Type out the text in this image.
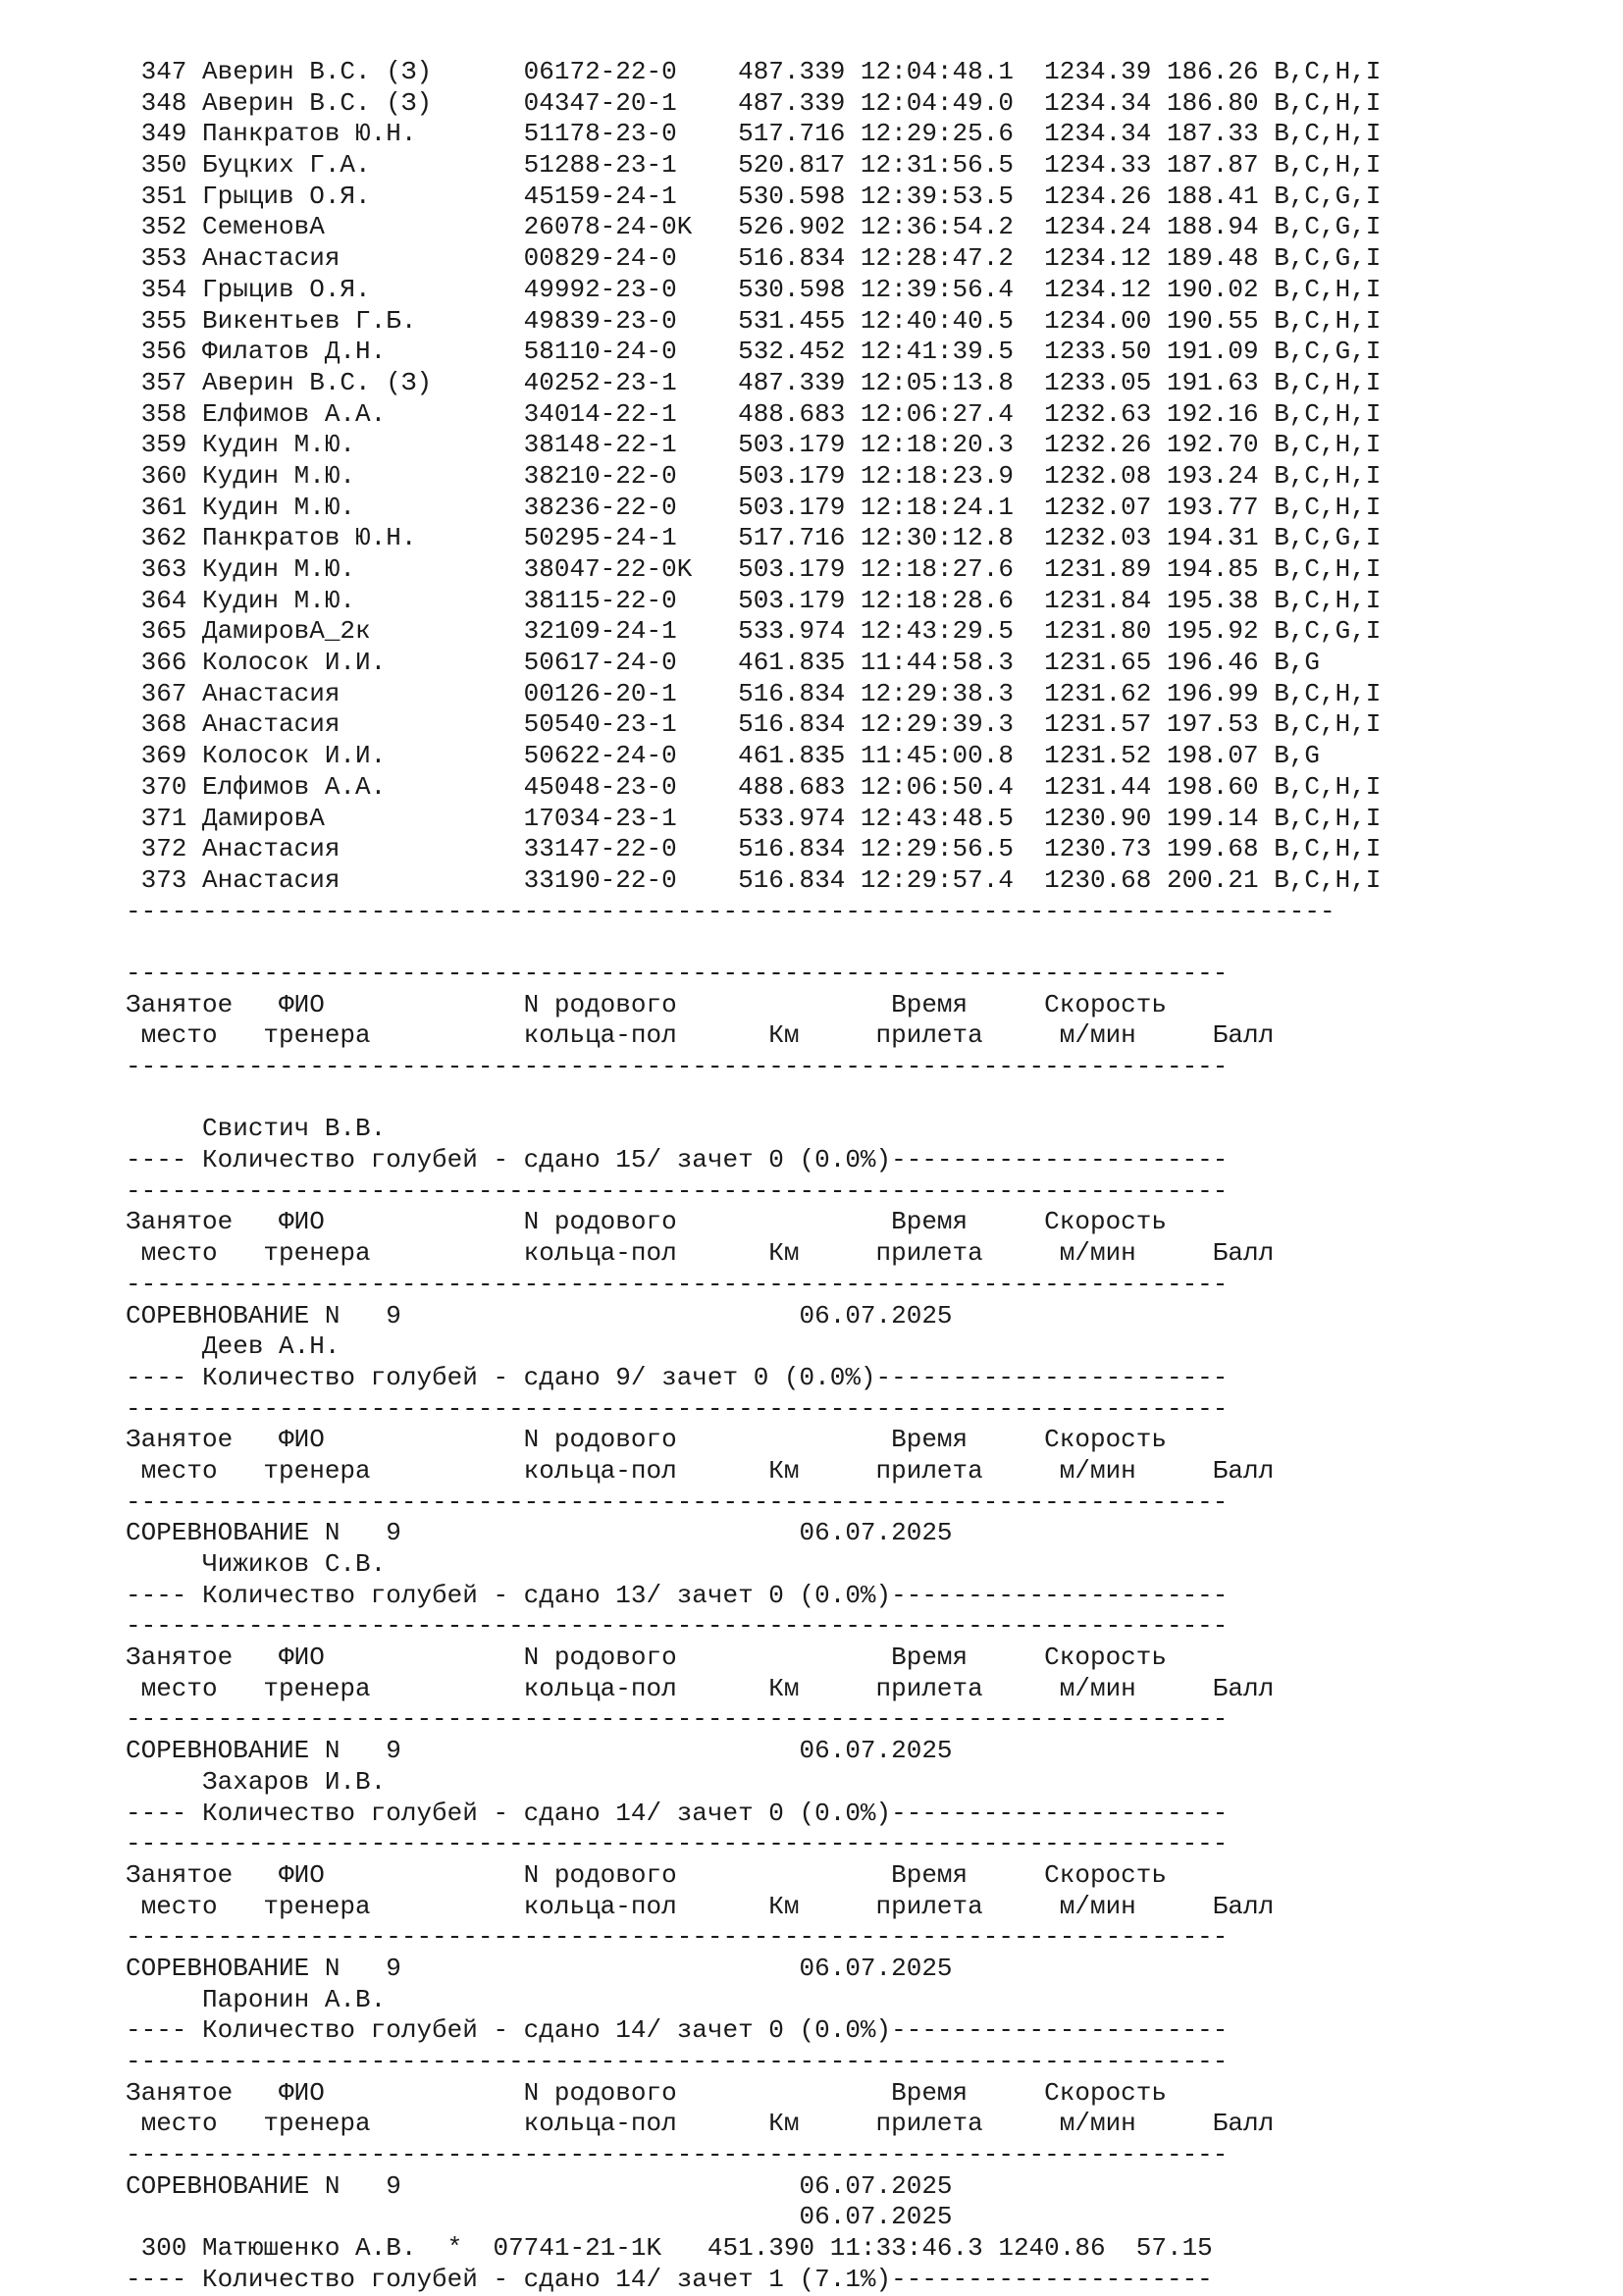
347 Аверин В.С. (З)      06172-22-0    487.339 12:04:48.1  1234.39 186.26 B,C,H,I
348 Аверин В.С. (З)      04347-20-1    487.339 12:04:49.0  1234.34 186.80 B,C,H,I
349 Панкратов Ю.Н.       51178-23-0    517.716 12:29:25.6  1234.34 187.33 B,C,H,I
350 Буцких Г.А.          51288-23-1    520.817 12:31:56.5  1234.33 187.87 B,C,H,I
351 Грыцив О.Я.          45159-24-1    530.598 12:39:53.5  1234.26 188.41 B,C,G,I
352 СеменовА             26078-24-0K   526.902 12:36:54.2  1234.24 188.94 B,C,G,I
353 Анастасия            00829-24-0    516.834 12:28:47.2  1234.12 189.48 B,C,G,I
354 Грыцив О.Я.          49992-23-0    530.598 12:39:56.4  1234.12 190.02 B,C,H,I
355 Викентьев Г.Б.       49839-23-0    531.455 12:40:40.5  1234.00 190.55 B,C,H,I
356 Филатов Д.Н.         58110-24-0    532.452 12:41:39.5  1233.50 191.09 B,C,G,I
357 Аверин В.С. (З)      40252-23-1    487.339 12:05:13.8  1233.05 191.63 B,C,H,I
358 Елфимов А.А.         34014-22-1    488.683 12:06:27.4  1232.63 192.16 B,C,H,I
359 Кудин М.Ю.           38148-22-1    503.179 12:18:20.3  1232.26 192.70 B,C,H,I
360 Кудин М.Ю.           38210-22-0    503.179 12:18:23.9  1232.08 193.24 B,C,H,I
361 Кудин М.Ю.           38236-22-0    503.179 12:18:24.1  1232.07 193.77 B,C,H,I
362 Панкратов Ю.Н.       50295-24-1    517.716 12:30:12.8  1232.03 194.31 B,C,G,I
363 Кудин М.Ю.           38047-22-0K   503.179 12:18:27.6  1231.89 194.85 B,C,H,I
364 Кудин М.Ю.           38115-22-0    503.179 12:18:28.6  1231.84 195.38 B,C,H,I
365 ДамировА_2к          32109-24-1    533.974 12:43:29.5  1231.80 195.92 B,C,G,I
366 Колосок И.И.         50617-24-0    461.835 11:44:58.3  1231.65 196.46 B,G
367 Анастасия            00126-20-1    516.834 12:29:38.3  1231.62 196.99 B,C,H,I
368 Анастасия            50540-23-1    516.834 12:29:39.3  1231.57 197.53 B,C,H,I
369 Колосок И.И.         50622-24-0    461.835 11:45:00.8  1231.52 198.07 B,G
370 Елфимов А.А.         45048-23-0    488.683 12:06:50.4  1231.44 198.60 B,C,H,I
371 ДамировА             17034-23-1    533.974 12:43:48.5  1230.90 199.14 B,C,H,I
372 Анастасия            33147-22-0    516.834 12:29:56.5  1230.73 199.68 B,C,H,I
373 Анастасия            33190-22-0    516.834 12:29:57.4  1230.68 200.21 B,C,H,I
-------------------------------------------------------------------------------
------------------------------------------------------------------------
Занятое   ФИО             N родового              Время     Скорость
место   тренера          кольца-пол      Км     прилета     м/мин     Балл
------------------------------------------------------------------------
Свистич В.В.
---- Количество голубей - сдано 15/ зачет 0 (0.0%)----------------------
------------------------------------------------------------------------
Занятое   ФИО             N родового              Время     Скорость
место   тренера          кольца-пол      Км     прилета     м/мин     Балл
------------------------------------------------------------------------
СОРЕВНОВАНИЕ N   9                          06.07.2025
Деев А.Н.
---- Количество голубей - сдано 9/ зачет 0 (0.0%)-----------------------
------------------------------------------------------------------------
Занятое   ФИО             N родового              Время     Скорость
место   тренера          кольца-пол      Км     прилета     м/мин     Балл
------------------------------------------------------------------------
СОРЕВНОВАНИЕ N   9                          06.07.2025
Чижиков С.В.
---- Количество голубей - сдано 13/ зачет 0 (0.0%)----------------------
------------------------------------------------------------------------
Занятое   ФИО             N родового              Время     Скорость
место   тренера          кольца-пол      Км     прилета     м/мин     Балл
------------------------------------------------------------------------
СОРЕВНОВАНИЕ N   9                          06.07.2025
Захаров И.В.
---- Количество голубей - сдано 14/ зачет 0 (0.0%)----------------------
------------------------------------------------------------------------
Занятое   ФИО             N родового              Время     Скорость
место   тренера          кольца-пол      Км     прилета     м/мин     Балл
------------------------------------------------------------------------
СОРЕВНОВАНИЕ N   9                          06.07.2025
Паронин А.В.
---- Количество голубей - сдано 14/ зачет 0 (0.0%)----------------------
------------------------------------------------------------------------
Занятое   ФИО             N родового              Время     Скорость
место   тренера          кольца-пол      Км     прилета     м/мин     Балл
------------------------------------------------------------------------
СОРЕВНОВАНИЕ N   9                          06.07.2025
06.07.2025
300 Матюшенко А.В.  *  07741-21-1K   451.390 11:33:46.3 1240.86  57.15
---- Количество голубей - сдано 14/ зачет 1 (7.1%)---------------------
